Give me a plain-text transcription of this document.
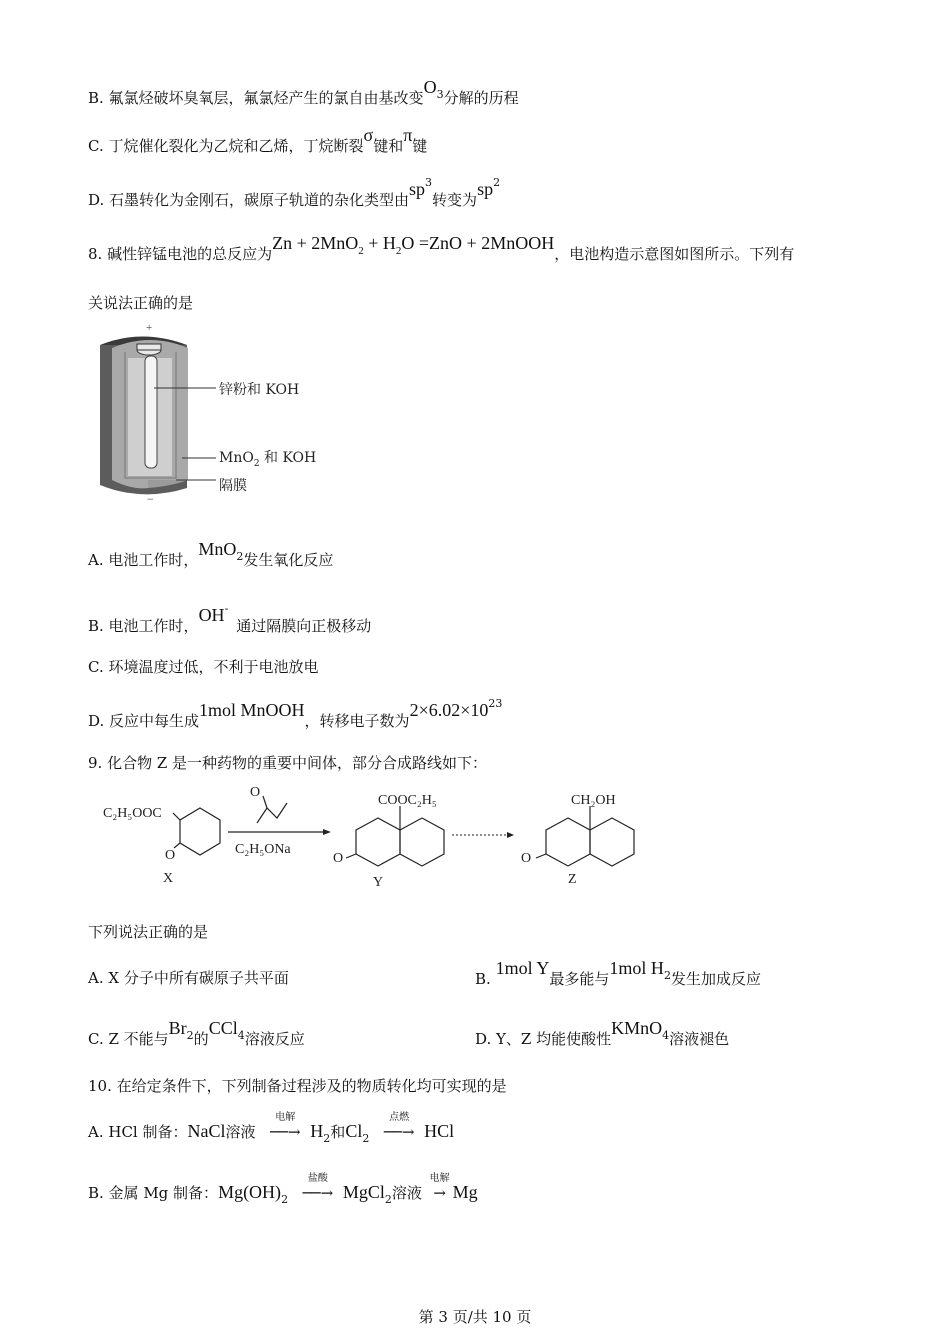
B. 氟氯烃破坏臭氧层，氟氯烃产生的氯自由基改变$O^3$分解的历程
C. 丁烷催化裂化为乙烷和乙烯，丁烷断裂σ键和π键
D. 石墨转化为金刚石，碳原子轨道的杂化类型由$sp^3$转变为$sp^2$
8. 碱性锌锰电池的总反应为$Zn + 2MnO_2 + H_2O =ZnO$ + 2MnOOH，电池构造示意图如图所示。下列有
关说法正确的是
+
锌粉和 KOH
MnO$_2$ 和 KOH
隔膜
−
A. 电池工作时，MnO$^2$发生氧化反应
B. 电池工作时，OH-通过隔膜向正极移动
C. 环境温度过低，不利于电池放电
D. 反应中每生成1mol MnOOH，转移电子数为$2\times 6.02\times 10^{23}$
9. 化合物 Z 是一种药物的重要中间体，部分合成路线如下：
C₂H₅OOC
O
X
O
C₂H₅ONa
COOC₂H₅
O
Y
CH₂OH
O
Z
下列说法正确的是
A. X 分子中所有碳原子共平面	B. 1mol Y最多能与1mol $H^2$发生加成反应
C. Z 不能与Br$^2$的CCl$^4$溶液反应	D. Y、Z 均能使酸性KMnO$^4$溶液褪色
10. 在给定条件下，下列制备过程涉及的物质转化均可实现的是
A. HCl 制备：NaCl溶液
电解
──→ $H_2$和$Cl_2$
点燃
──→ HCl
B. 金属 Mg 制备：$Mg(OH)_2$
盐酸
──→ MgCl$_2$溶液
电解
→ Mg
第 3 页/共 10 页
